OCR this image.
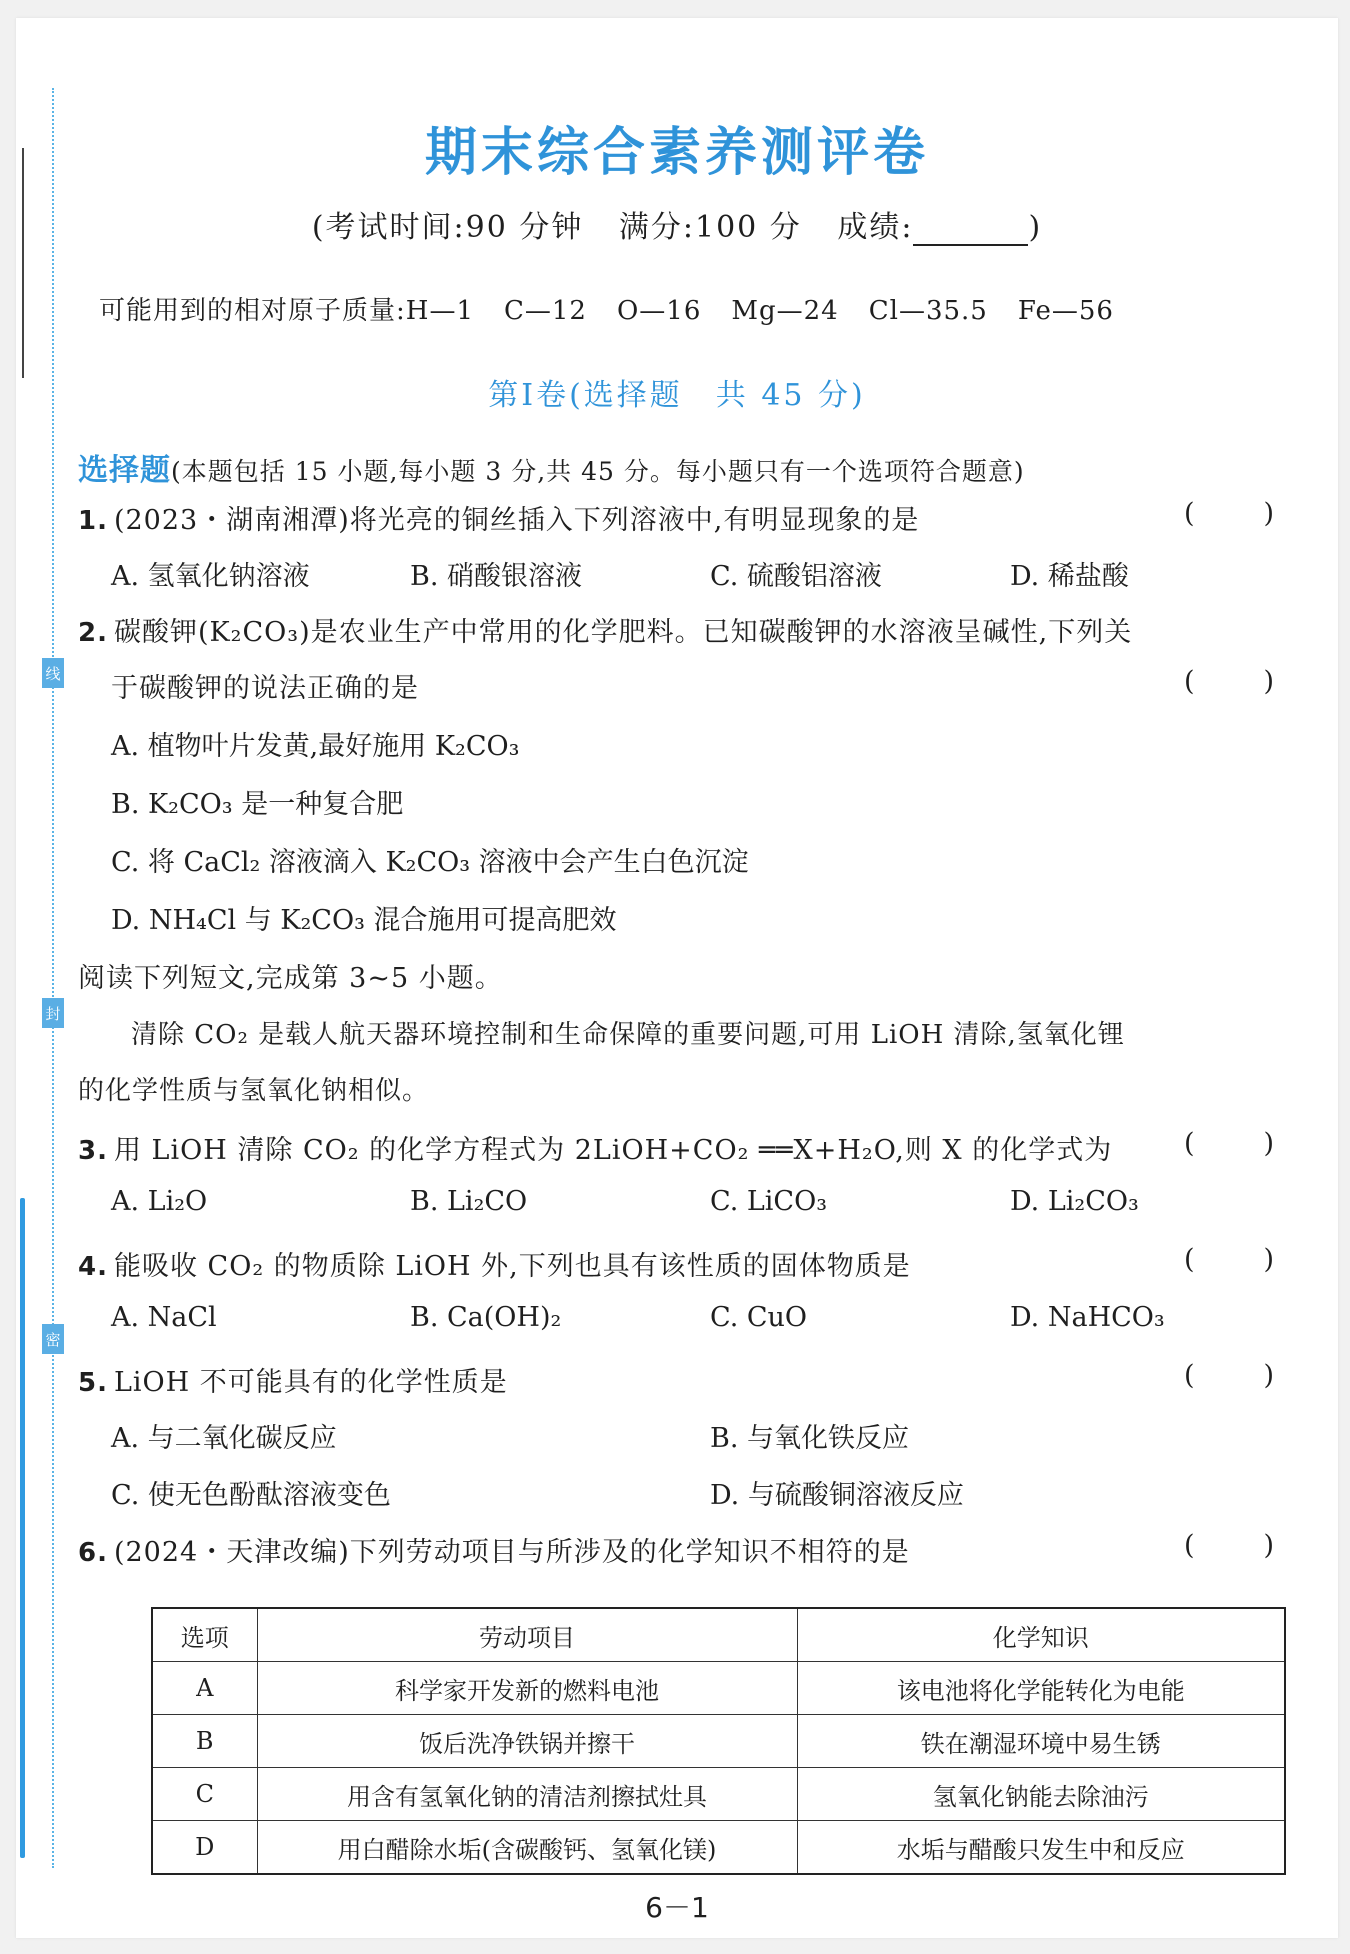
线
封
密
期末综合素养测评卷
(考试时间:90 分钟 满分:100 分 成绩:	)
可能用到的相对原子质量:H—1 C—12 O—16 Mg—24 Cl—35.5 Fe—56
第Ⅰ卷(选择题　共 45 分)
选择题(本题包括 15 小题,每小题 3 分,共 45 分。每小题只有一个选项符合题意)
1. (2023・湖南湘潭)将光亮的铜丝插入下列溶液中,有明显现象的是	(	)
A. 氢氧化钠溶液	B. 硝酸银溶液	C. 硫酸铝溶液	D. 稀盐酸
2. 碳酸钾(K₂CO₃)是农业生产中常用的化学肥料。已知碳酸钾的水溶液呈碱性,下列关
于碳酸钾的说法正确的是	(	)
A. 植物叶片发黄,最好施用 K₂CO₃
B. K₂CO₃ 是一种复合肥
C. 将 CaCl₂ 溶液滴入 K₂CO₃ 溶液中会产生白色沉淀
D. NH₄Cl 与 K₂CO₃ 混合施用可提高肥效
阅读下列短文,完成第 3~5 小题。
清除 CO₂ 是载人航天器环境控制和生命保障的重要问题,可用 LiOH 清除,氢氧化锂
的化学性质与氢氧化钠相似。
3. 用 LiOH 清除 CO₂ 的化学方程式为 2LiOH+CO₂ ══X+H₂O,则 X 的化学式为	(	)
A. Li₂O	B. Li₂CO	C. LiCO₃	D. Li₂CO₃
4. 能吸收 CO₂ 的物质除 LiOH 外,下列也具有该性质的固体物质是	(	)
A. NaCl	B. Ca(OH)₂	C. CuO	D. NaHCO₃
5. LiOH 不可能具有的化学性质是	(	)
A. 与二氧化碳反应	B. 与氧化铁反应
C. 使无色酚酞溶液变色	D. 与硫酸铜溶液反应
6. (2024・天津改编)下列劳动项目与所涉及的化学知识不相符的是	(	)
选项	劳动项目	化学知识
A	科学家开发新的燃料电池	该电池将化学能转化为电能
B	饭后洗净铁锅并擦干	铁在潮湿环境中易生锈
C	用含有氢氧化钠的清洁剂擦拭灶具	氢氧化钠能去除油污
D	用白醋除水垢(含碳酸钙、氢氧化镁)	水垢与醋酸只发生中和反应
6－1
